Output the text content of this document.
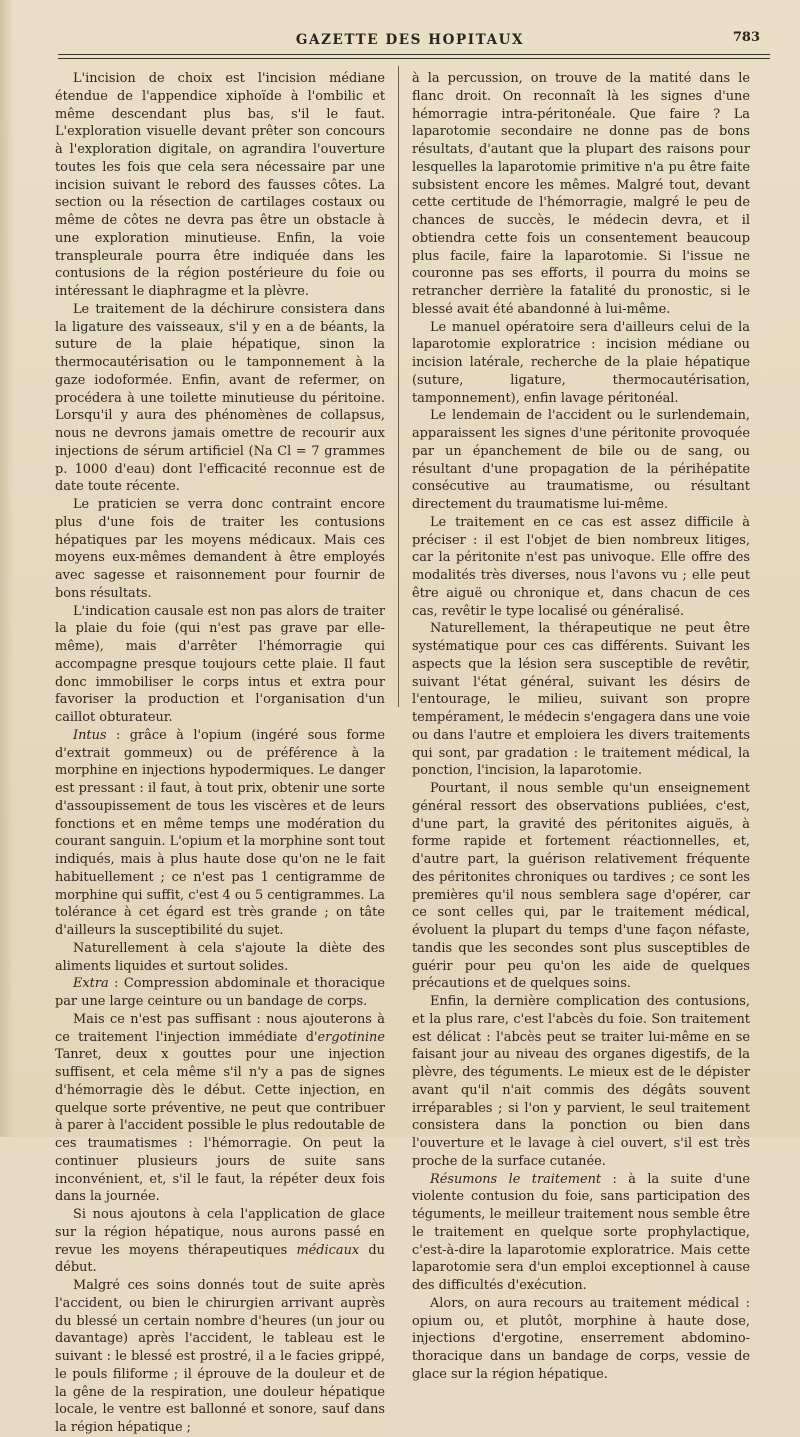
GAZETTE DES HOPITAUX	783

L'incision de choix est l'incision médiane étendue de l'appendice xiphoïde à l'ombilic et même descendant plus bas, s'il le faut. L'exploration visuelle devant prêter son concours à l'exploration digitale, on agrandira l'ouverture toutes les fois que cela sera nécessaire par une incision suivant le rebord des fausses côtes. La section ou la résection de cartilages costaux ou même de côtes ne devra pas être un obstacle à une exploration minutieuse. Enfin, la voie transpleurale pourra être indiquée dans les contusions de la région postérieure du foie ou intéressant le diaphragme et la plèvre.

Le traitement de la déchirure consistera dans la ligature des vaisseaux, s'il y en a de béants, la suture de la plaie hépatique, sinon la thermocautérisation ou le tamponnement à la gaze iodoformée. Enfin, avant de refermer, on procédera à une toilette minutieuse du péritoine. Lorsqu'il y aura des phénomènes de collapsus, nous ne devrons jamais omettre de recourir aux injections de sérum artificiel (Na Cl = 7 grammes p. 1000 d'eau) dont l'efficacité reconnue est de date toute récente.

Le praticien se verra donc contraint encore plus d'une fois de traiter les contusions hépatiques par les moyens médicaux. Mais ces moyens eux-mêmes demandent à être employés avec sagesse et raisonnement pour fournir de bons résultats.

L'indication causale est non pas alors de traiter la plaie du foie (qui n'est pas grave par elle-même), mais d'arrêter l'hémorragie qui accompagne presque toujours cette plaie. Il faut donc immobiliser le corps intus et extra pour favoriser la production et l'organisation d'un caillot obturateur.

Intus : grâce à l'opium (ingéré sous forme d'extrait gommeux) ou de préférence à la morphine en injections hypodermiques. Le danger est pressant : il faut, à tout prix, obtenir une sorte d'assoupissement de tous les viscères et de leurs fonctions et en même temps une modération du courant sanguin. L'opium et la morphine sont tout indiqués, mais à plus haute dose qu'on ne le fait habituellement ; ce n'est pas 1 centigramme de morphine qui suffit, c'est 4 ou 5 centigrammes. La tolérance à cet égard est très grande ; on tâte d'ailleurs la susceptibilité du sujet.

Naturellement à cela s'ajoute la diète des aliments liquides et surtout solides.

Extra : Compression abdominale et thoracique par une large ceinture ou un bandage de corps.

Mais ce n'est pas suffisant : nous ajouterons à ce traitement l'injection immédiate d'ergotinine Tanret, deux x gouttes pour une injection suffisent, et cela même s'il n'y a pas de signes d'hémorragie dès le début. Cette injection, en quelque sorte préventive, ne peut que contribuer à parer à l'accident possible le plus redoutable de ces traumatismes : l'hémorragie. On peut la continuer plusieurs jours de suite sans inconvénient, et, s'il le faut, la répéter deux fois dans la journée.

Si nous ajoutons à cela l'application de glace sur la région hépatique, nous aurons passé en revue les moyens thérapeutiques médicaux du début.

Malgré ces soins donnés tout de suite après l'accident, ou bien le chirurgien arrivant auprès du blessé un certain nombre d'heures (un jour ou davantage) après l'accident, le tableau est le suivant : le blessé est prostré, il a le facies grippé, le pouls filiforme ; il éprouve de la douleur et de la gêne de la respiration, une douleur hépatique locale, le ventre est ballonné et sonore, sauf dans la région hépatique ;

à la percussion, on trouve de la matité dans le flanc droit. On reconnaît là les signes d'une hémorragie intra-péritonéale. Que faire ? La laparotomie secondaire ne donne pas de bons résultats, d'autant que la plupart des raisons pour lesquelles la laparotomie primitive n'a pu être faite subsistent encore les mêmes. Malgré tout, devant cette certitude de l'hémorragie, malgré le peu de chances de succès, le médecin devra, et il obtiendra cette fois un consentement beaucoup plus facile, faire la laparotomie. Si l'issue ne couronne pas ses efforts, il pourra du moins se retrancher derrière la fatalité du pronostic, si le blessé avait été abandonné à lui-même.

Le manuel opératoire sera d'ailleurs celui de la laparotomie exploratrice : incision médiane ou incision latérale, recherche de la plaie hépatique (suture, ligature, thermocautérisation, tamponnement), enfin lavage péritonéal.

Le lendemain de l'accident ou le surlendemain, apparaissent les signes d'une péritonite provoquée par un épanchement de bile ou de sang, ou résultant d'une propagation de la périhépatite consécutive au traumatisme, ou résultant directement du traumatisme lui-même.

Le traitement en ce cas est assez difficile à préciser : il est l'objet de bien nombreux litiges, car la péritonite n'est pas univoque. Elle offre des modalités très diverses, nous l'avons vu ; elle peut être aiguë ou chronique et, dans chacun de ces cas, revêtir le type localisé ou généralisé.

Naturellement, la thérapeutique ne peut être systématique pour ces cas différents. Suivant les aspects que la lésion sera susceptible de revêtir, suivant l'état général, suivant les désirs de l'entourage, le milieu, suivant son propre tempérament, le médecin s'engagera dans une voie ou dans l'autre et emploiera les divers traitements qui sont, par gradation : le traitement médical, la ponction, l'incision, la laparotomie.

Pourtant, il nous semble qu'un enseignement général ressort des observations publiées, c'est, d'une part, la gravité des péritonites aiguës, à forme rapide et fortement réactionnelles, et, d'autre part, la guérison relativement fréquente des péritonites chroniques ou tardives ; ce sont les premières qu'il nous semblera sage d'opérer, car ce sont celles qui, par le traitement médical, évoluent la plupart du temps d'une façon néfaste, tandis que les secondes sont plus susceptibles de guérir pour peu qu'on les aide de quelques précautions et de quelques soins.

Enfin, la dernière complication des contusions, et la plus rare, c'est l'abcès du foie. Son traitement est délicat : l'abcès peut se traiter lui-même en se faisant jour au niveau des organes digestifs, de la plèvre, des téguments. Le mieux est de le dépister avant qu'il n'ait commis des dégâts souvent irréparables ; si l'on y parvient, le seul traitement consistera dans la ponction ou bien dans l'ouverture et le lavage à ciel ouvert, s'il est très proche de la surface cutanée.

Résumons le traitement : à la suite d'une violente contusion du foie, sans participation des téguments, le meilleur traitement nous semble être le traitement en quelque sorte prophylactique, c'est-à-dire la laparotomie exploratrice. Mais cette laparotomie sera d'un emploi exceptionnel à cause des difficultés d'exécution.

Alors, on aura recours au traitement médical : opium ou, et plutôt, morphine à haute dose, injections d'ergotine, enserrement abdomino-thoracique dans un bandage de corps, vessie de glace sur la région hépatique.
